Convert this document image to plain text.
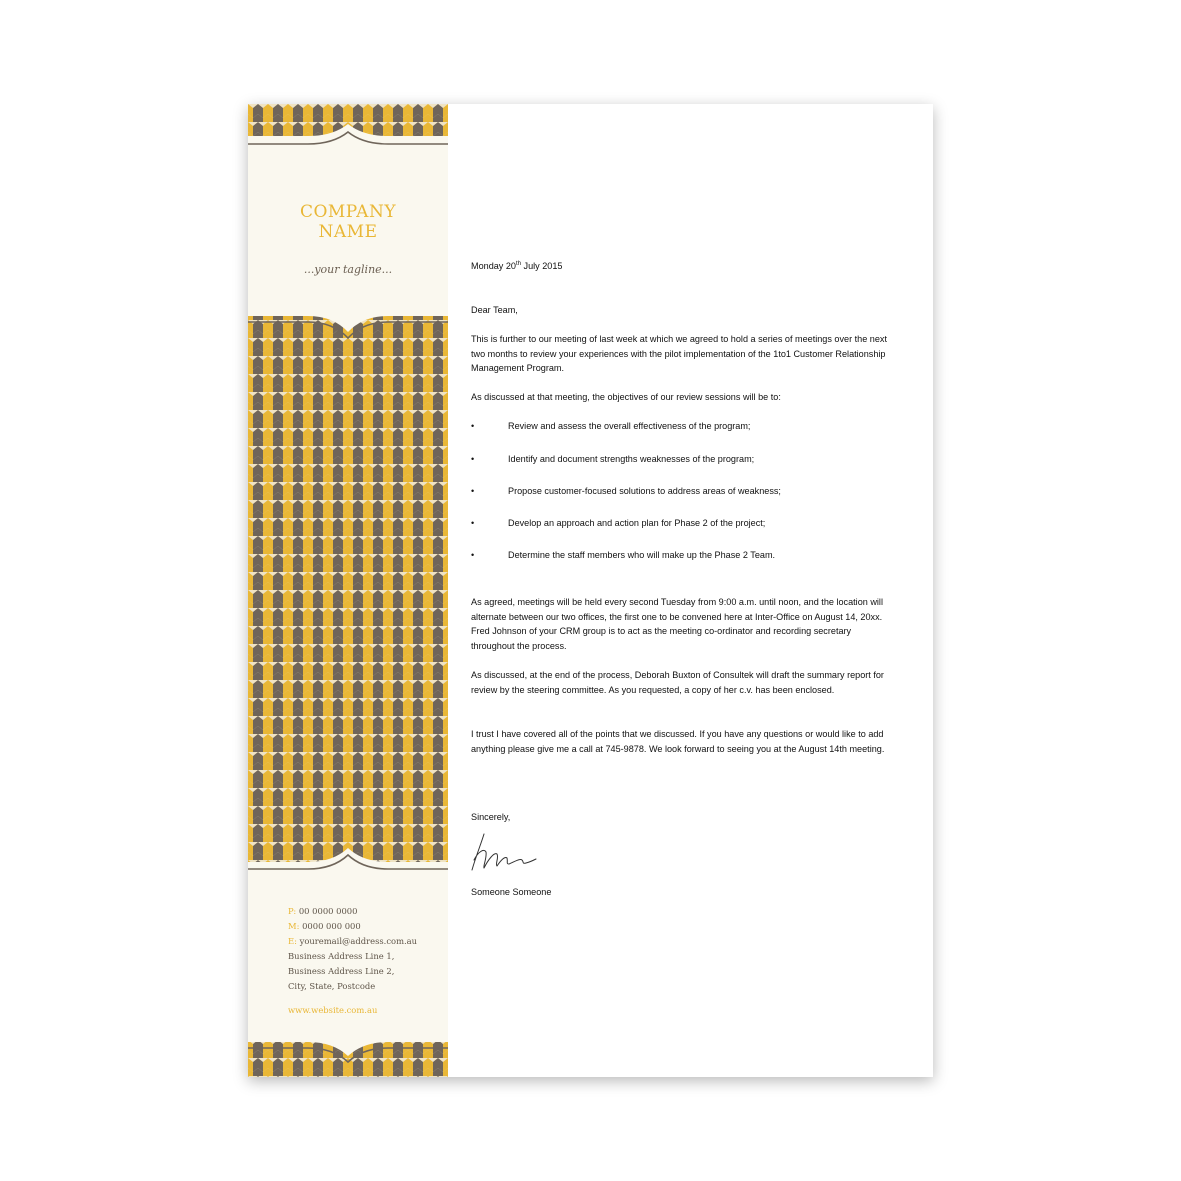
COMPANY NAME
...your tagline...
P: 00 0000 0000
M: 0000 000 000
E: youremail@address.com.au
Business Address Line 1,
Business Address Line 2,
City, State, Postcode
www.website.com.au

Monday 20th July 2015

Dear Team,

This is further to our meeting of last week at which we agreed to hold a series of meetings over the next two months to review your experiences with the pilot implementation of the 1to1 Customer Relationship Management Program.

As discussed at that meeting, the objectives of our review sessions will be to:

•	Review and assess the overall effectiveness of the program;
•	Identify and document strengths weaknesses of the program;
•	Propose customer-focused solutions to address areas of weakness;
•	Develop an approach and action plan for Phase 2 of the project;
•	Determine the staff members who will make up the Phase 2 Team.

As agreed, meetings will be held every second Tuesday from 9:00 a.m. until noon, and the location will alternate between our two offices, the first one to be convened here at Inter-Office on August 14, 20xx. Fred Johnson of your CRM group is to act as the meeting co-ordinator and recording secretary throughout the process.

As discussed, at the end of the process, Deborah Buxton of Consultek will draft the summary report for review by the steering committee. As you requested, a copy of her c.v. has been enclosed.

I trust I have covered all of the points that we discussed. If you have any questions or would like to add anything please give me a call at 745-9878. We look forward to seeing you at the August 14th meeting.

Sincerely,

Someone Someone
